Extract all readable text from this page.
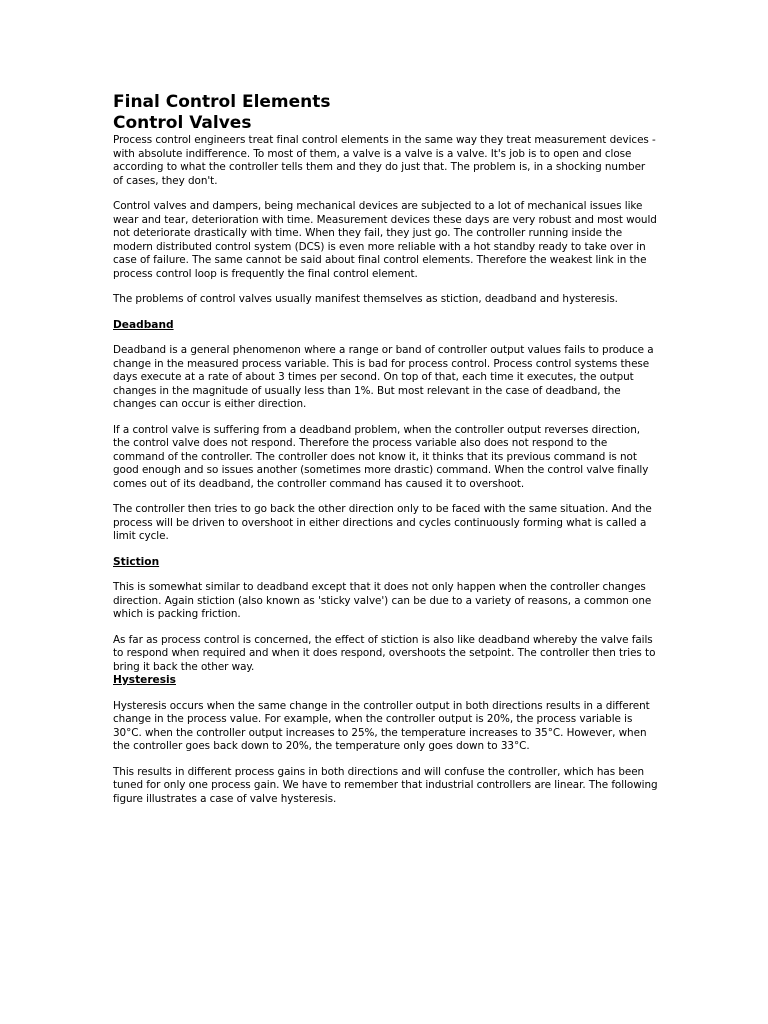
Final Control Elements
Control Valves

Process control engineers treat final control elements in the same way they treat measurement devices - with absolute indifference. To most of them, a valve is a valve is a valve. It's job is to open and close according to what the controller tells them and they do just that. The problem is, in a shocking number of cases, they don't.

Control valves and dampers, being mechanical devices are subjected to a lot of mechanical issues like wear and tear, deterioration with time. Measurement devices these days are very robust and most would not deteriorate drastically with time. When they fail, they just go. The controller running inside the modern distributed control system (DCS) is even more reliable with a hot standby ready to take over in case of failure. The same cannot be said about final control elements. Therefore the weakest link in the process control loop is frequently the final control element.

The problems of control valves usually manifest themselves as stiction, deadband and hysteresis.

Deadband

Deadband is a general phenomenon where a range or band of controller output values fails to produce a change in the measured process variable. This is bad for process control. Process control systems these days execute at a rate of about 3 times per second. On top of that, each time it executes, the output changes in the magnitude of usually less than 1%. But most relevant in the case of deadband, the changes can occur is either direction.

If a control valve is suffering from a deadband problem, when the controller output reverses direction, the control valve does not respond. Therefore the process variable also does not respond to the command of the controller. The controller does not know it, it thinks that its previous command is not good enough and so issues another (sometimes more drastic) command. When the control valve finally comes out of its deadband, the controller command has caused it to overshoot.

The controller then tries to go back the other direction only to be faced with the same situation. And the process will be driven to overshoot in either directions and cycles continuously forming what is called a limit cycle.

Stiction

This is somewhat similar to deadband except that it does not only happen when the controller changes direction. Again stiction (also known as 'sticky valve') can be due to a variety of reasons, a common one which is packing friction.

As far as process control is concerned, the effect of stiction is also like deadband whereby the valve fails to respond when required and when it does respond, overshoots the setpoint. The controller then tries to bring it back the other way.

Hysteresis

Hysteresis occurs when the same change in the controller output in both directions results in a different change in the process value. For example, when the controller output is 20%, the process variable is 30°C. when the controller output increases to 25%, the temperature increases to 35°C. However, when the controller goes back down to 20%, the temperature only goes down to 33°C.

This results in different process gains in both directions and will confuse the controller, which has been tuned for only one process gain. We have to remember that industrial controllers are linear. The following figure illustrates a case of valve hysteresis.
